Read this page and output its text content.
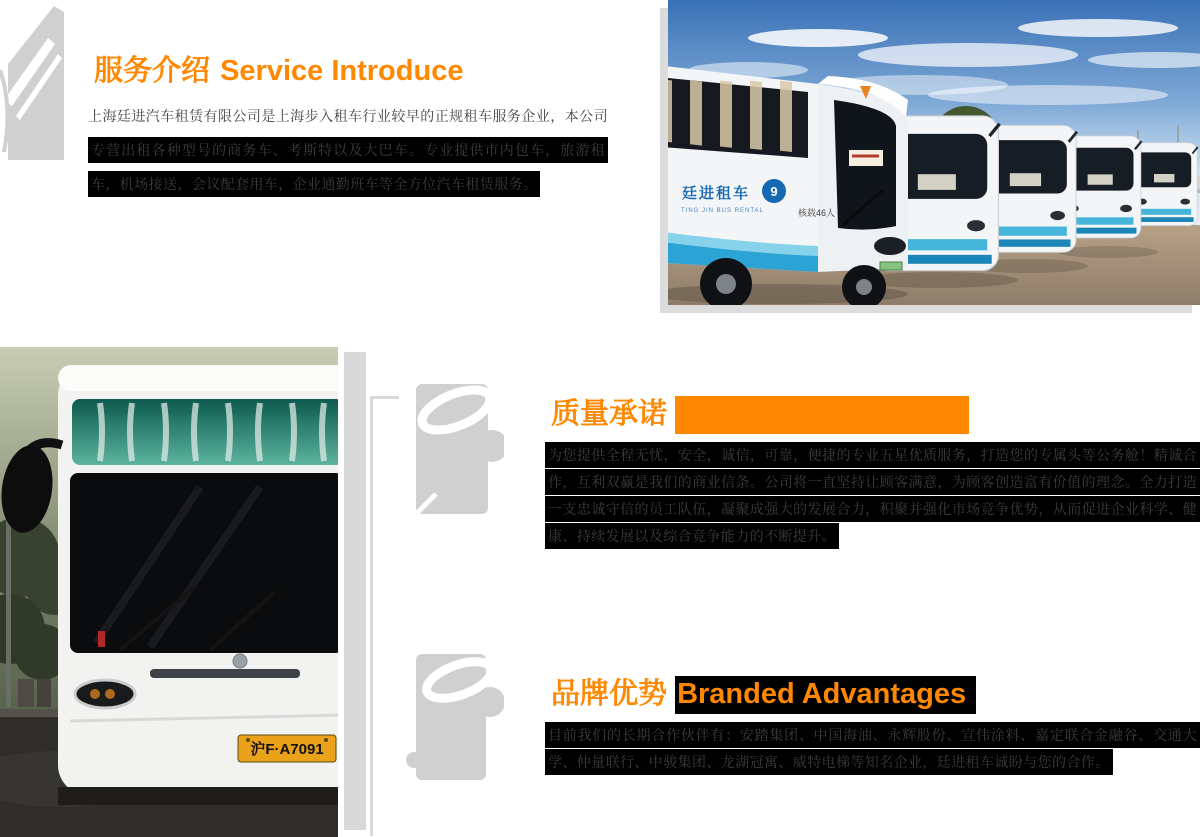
服务介绍 Service Introduce

上海廷进汽车租赁有限公司是上海步入租车行业较早的正规租车服务企业，本公司专营出租各种型号的商务车、考斯特以及大巴车。专业提供市内包车，旅游租车，机场接送，会议配套用车，企业通勤班车等全方位汽车租赁服务。

廷进租车 9
TING JIN BUS RENTAL	核载46人
沪F·A7091
质量承诺 Quality Commitment

为您提供全程无忧，安全，诚信，可靠，便捷的专业五星优质服务，打造您的专属头等公务舱！精诚合作，互利双赢是我们的商业信条。公司将一直坚持让顾客满意，为顾客创造富有价值的理念。全力打造一支忠诚守信的员工队伍，凝聚成强大的发展合力，积聚并强化市场竞争优势，从而促进企业科学、健康、持续发展以及综合竞争能力的不断提升。

品牌优势 Branded Advantages

目前我们的长期合作伙伴有：安踏集团、中国海油、永辉股份、宣伟涂料、嘉定联合金融谷、交通大学、仲量联行、中骏集团、龙湖冠寓、威特电梯等知名企业，廷进租车诚盼与您的合作。
